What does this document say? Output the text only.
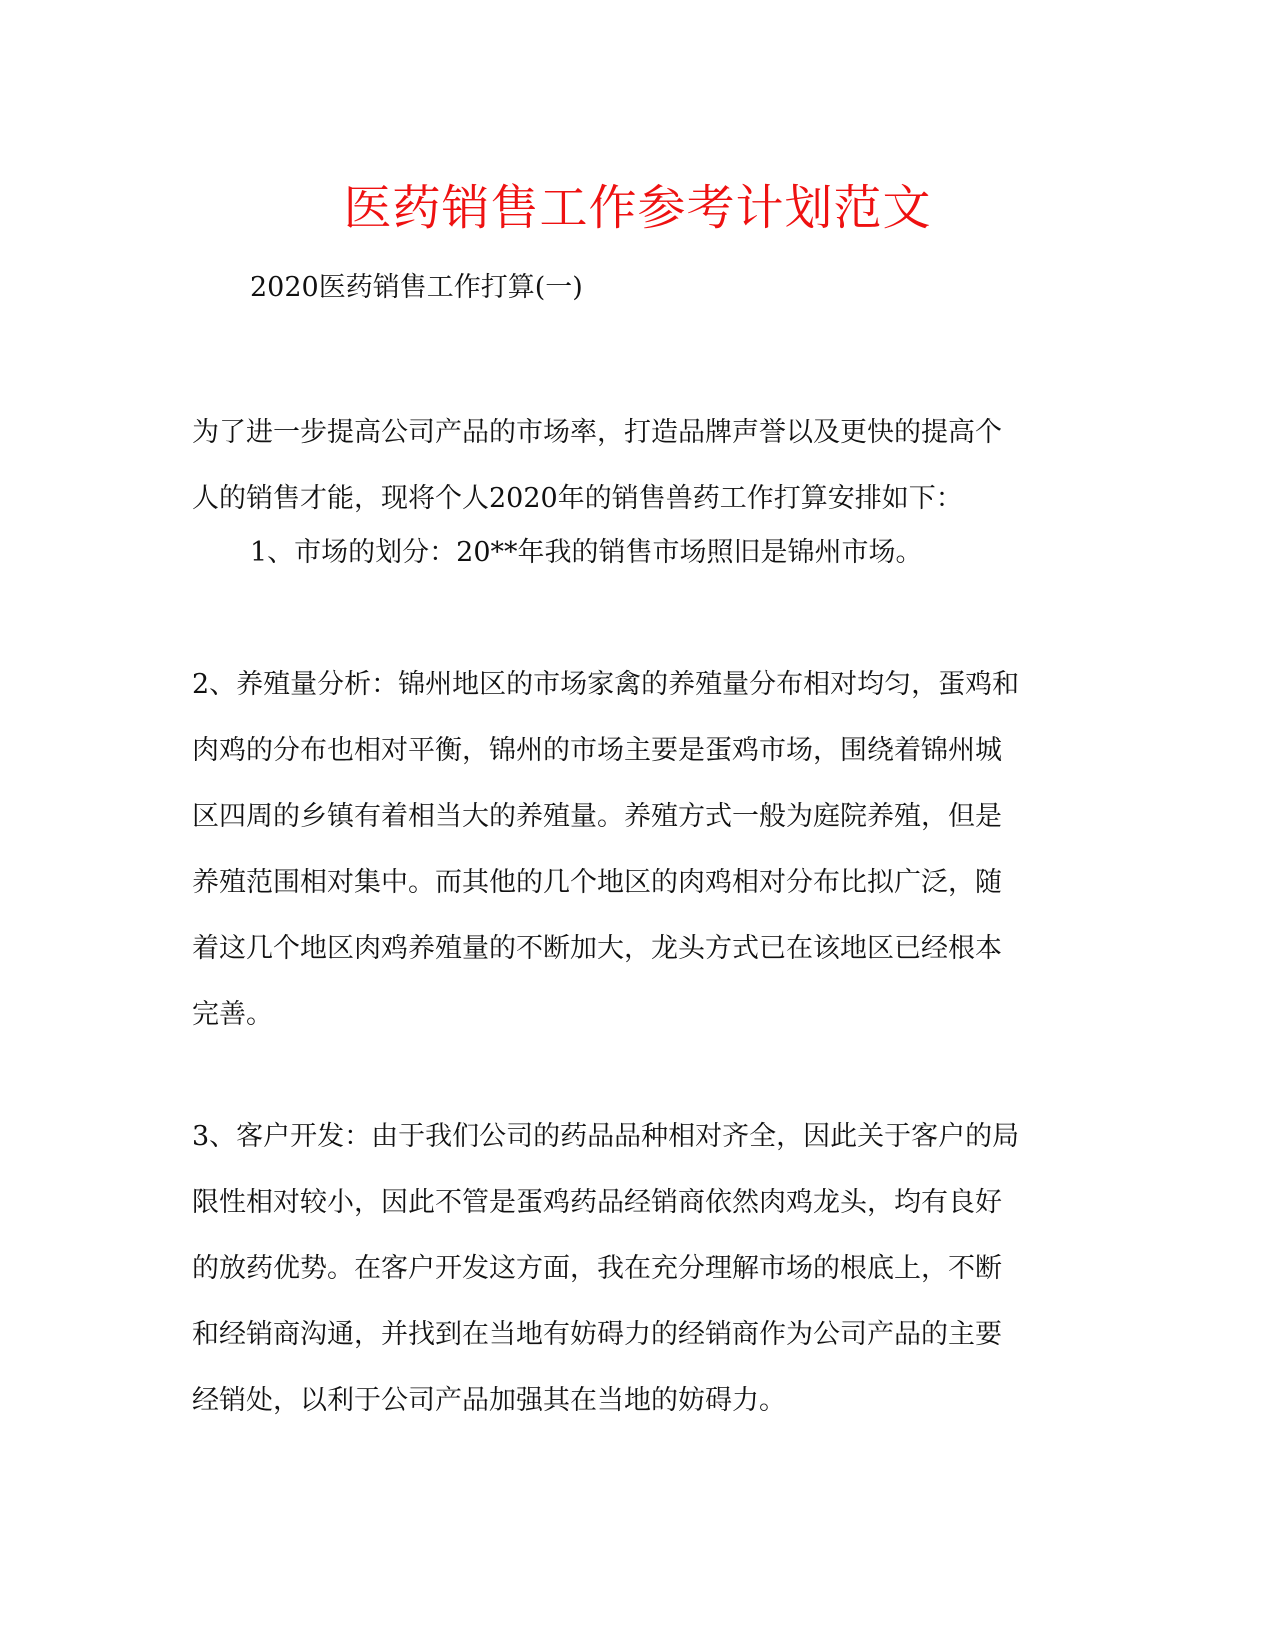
医药销售工作参考计划范文

2020医药销售工作打算(一)

为了进一步提高公司产品的市场率，打造品牌声誉以及更快的提高个
人的销售才能，现将个人2020年的销售兽药工作打算安排如下：

1、市场的划分：20**年我的销售市场照旧是锦州市场。

2、养殖量分析：锦州地区的市场家禽的养殖量分布相对均匀，蛋鸡和
肉鸡的分布也相对平衡，锦州的市场主要是蛋鸡市场，围绕着锦州城
区四周的乡镇有着相当大的养殖量。养殖方式一般为庭院养殖，但是
养殖范围相对集中。而其他的几个地区的肉鸡相对分布比拟广泛，随
着这几个地区肉鸡养殖量的不断加大，龙头方式已在该地区已经根本
完善。

3、客户开发：由于我们公司的药品品种相对齐全，因此关于客户的局
限性相对较小，因此不管是蛋鸡药品经销商依然肉鸡龙头，均有良好
的放药优势。在客户开发这方面，我在充分理解市场的根底上，不断
和经销商沟通，并找到在当地有妨碍力的经销商作为公司产品的主要
经销处，以利于公司产品加强其在当地的妨碍力。
